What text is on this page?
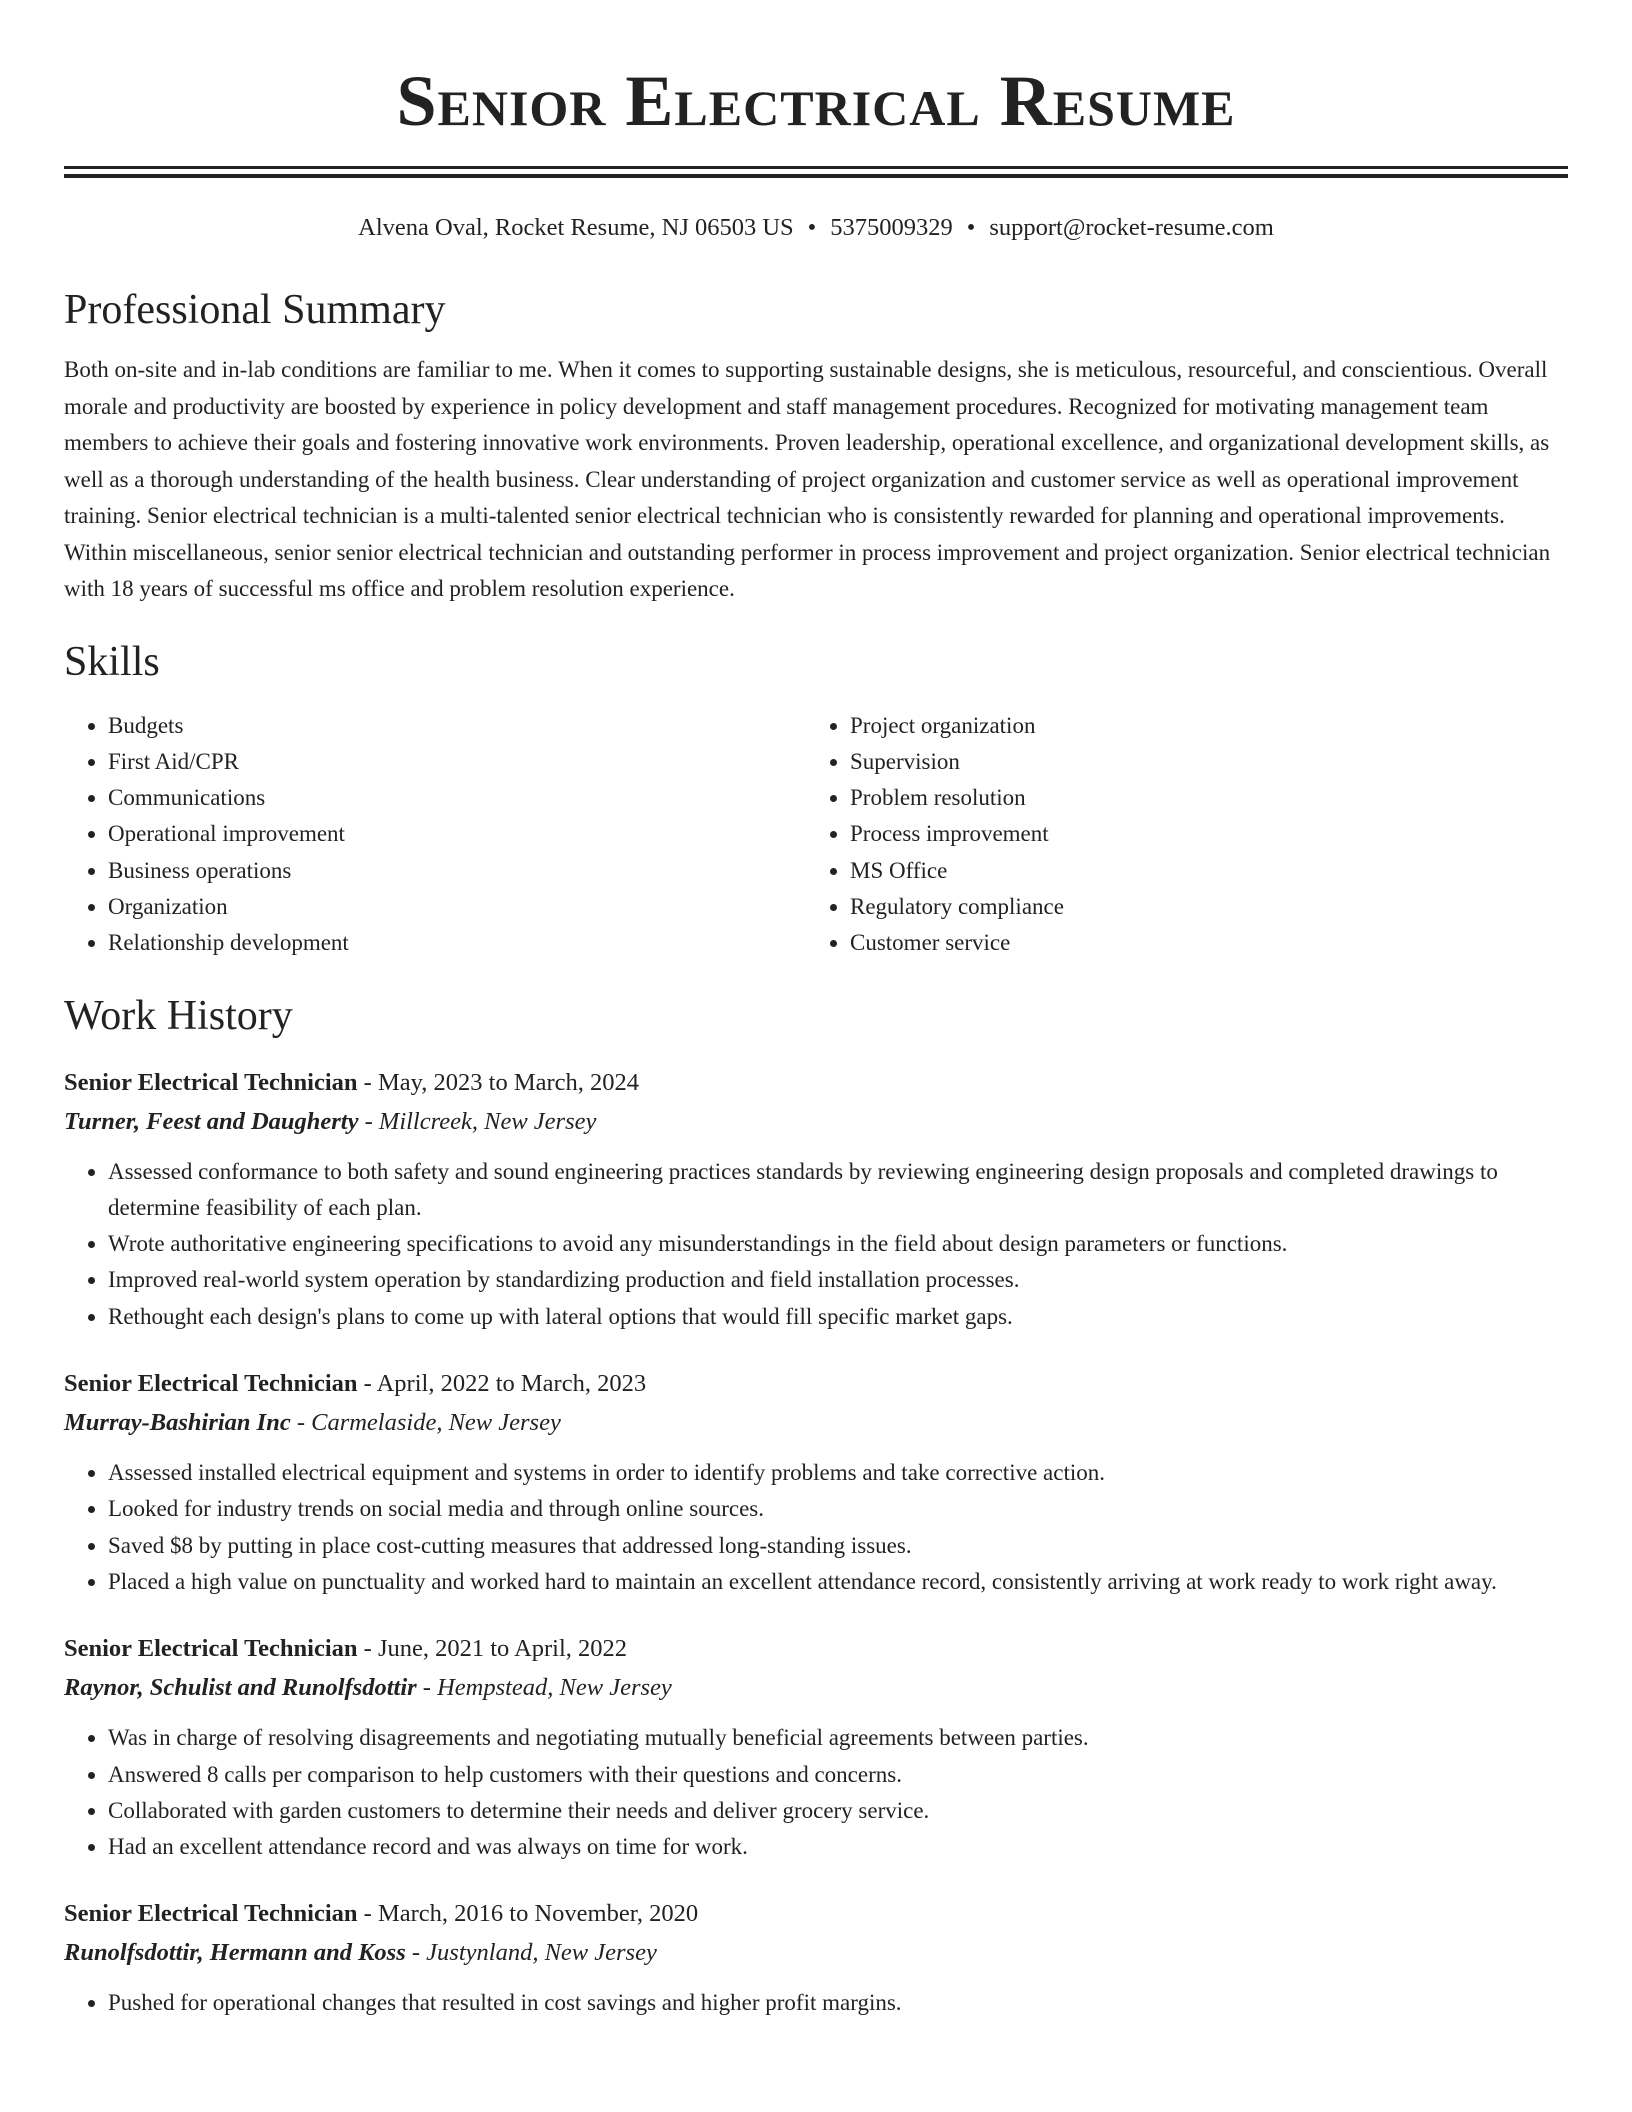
Senior Electrical Resume
Alvena Oval, Rocket Resume, NJ 06503 US • 5375009329 • support@rocket-resume.com
Professional Summary

Both on-site and in-lab conditions are familiar to me. When it comes to supporting sustainable designs, she is meticulous, resourceful, and conscientious. Overall morale and productivity are boosted by experience in policy development and staff management procedures. Recognized for motivating management team members to achieve their goals and fostering innovative work environments. Proven leadership, operational excellence, and organizational development skills, as well as a thorough understanding of the health business. Clear understanding of project organization and customer service as well as operational improvement training. Senior electrical technician is a multi-talented senior electrical technician who is consistently rewarded for planning and operational improvements. Within miscellaneous, senior senior electrical technician and outstanding performer in process improvement and project organization. Senior electrical technician with 18 years of successful ms office and problem resolution experience.

Skills
• Budgets
• First Aid/CPR
• Communications
• Operational improvement
• Business operations
• Organization
• Relationship development
• Project organization
• Supervision
• Problem resolution
• Process improvement
• MS Office
• Regulatory compliance
• Customer service
Work History
Senior Electrical Technician - May, 2023 to March, 2024
Turner, Feest and Daugherty - Millcreek, New Jersey
• Assessed conformance to both safety and sound engineering practices standards by reviewing engineering design proposals and completed drawings to determine feasibility of each plan.
• Wrote authoritative engineering specifications to avoid any misunderstandings in the field about design parameters or functions.
• Improved real-world system operation by standardizing production and field installation processes.
• Rethought each design's plans to come up with lateral options that would fill specific market gaps.
Senior Electrical Technician - April, 2022 to March, 2023
Murray-Bashirian Inc - Carmelaside, New Jersey
• Assessed installed electrical equipment and systems in order to identify problems and take corrective action.
• Looked for industry trends on social media and through online sources.
• Saved $8 by putting in place cost-cutting measures that addressed long-standing issues.
• Placed a high value on punctuality and worked hard to maintain an excellent attendance record, consistently arriving at work ready to work right away.
Senior Electrical Technician - June, 2021 to April, 2022
Raynor, Schulist and Runolfsdottir - Hempstead, New Jersey
• Was in charge of resolving disagreements and negotiating mutually beneficial agreements between parties.
• Answered 8 calls per comparison to help customers with their questions and concerns.
• Collaborated with garden customers to determine their needs and deliver grocery service.
• Had an excellent attendance record and was always on time for work.
Senior Electrical Technician - March, 2016 to November, 2020
Runolfsdottir, Hermann and Koss - Justynland, New Jersey
• Pushed for operational changes that resulted in cost savings and higher profit margins.
